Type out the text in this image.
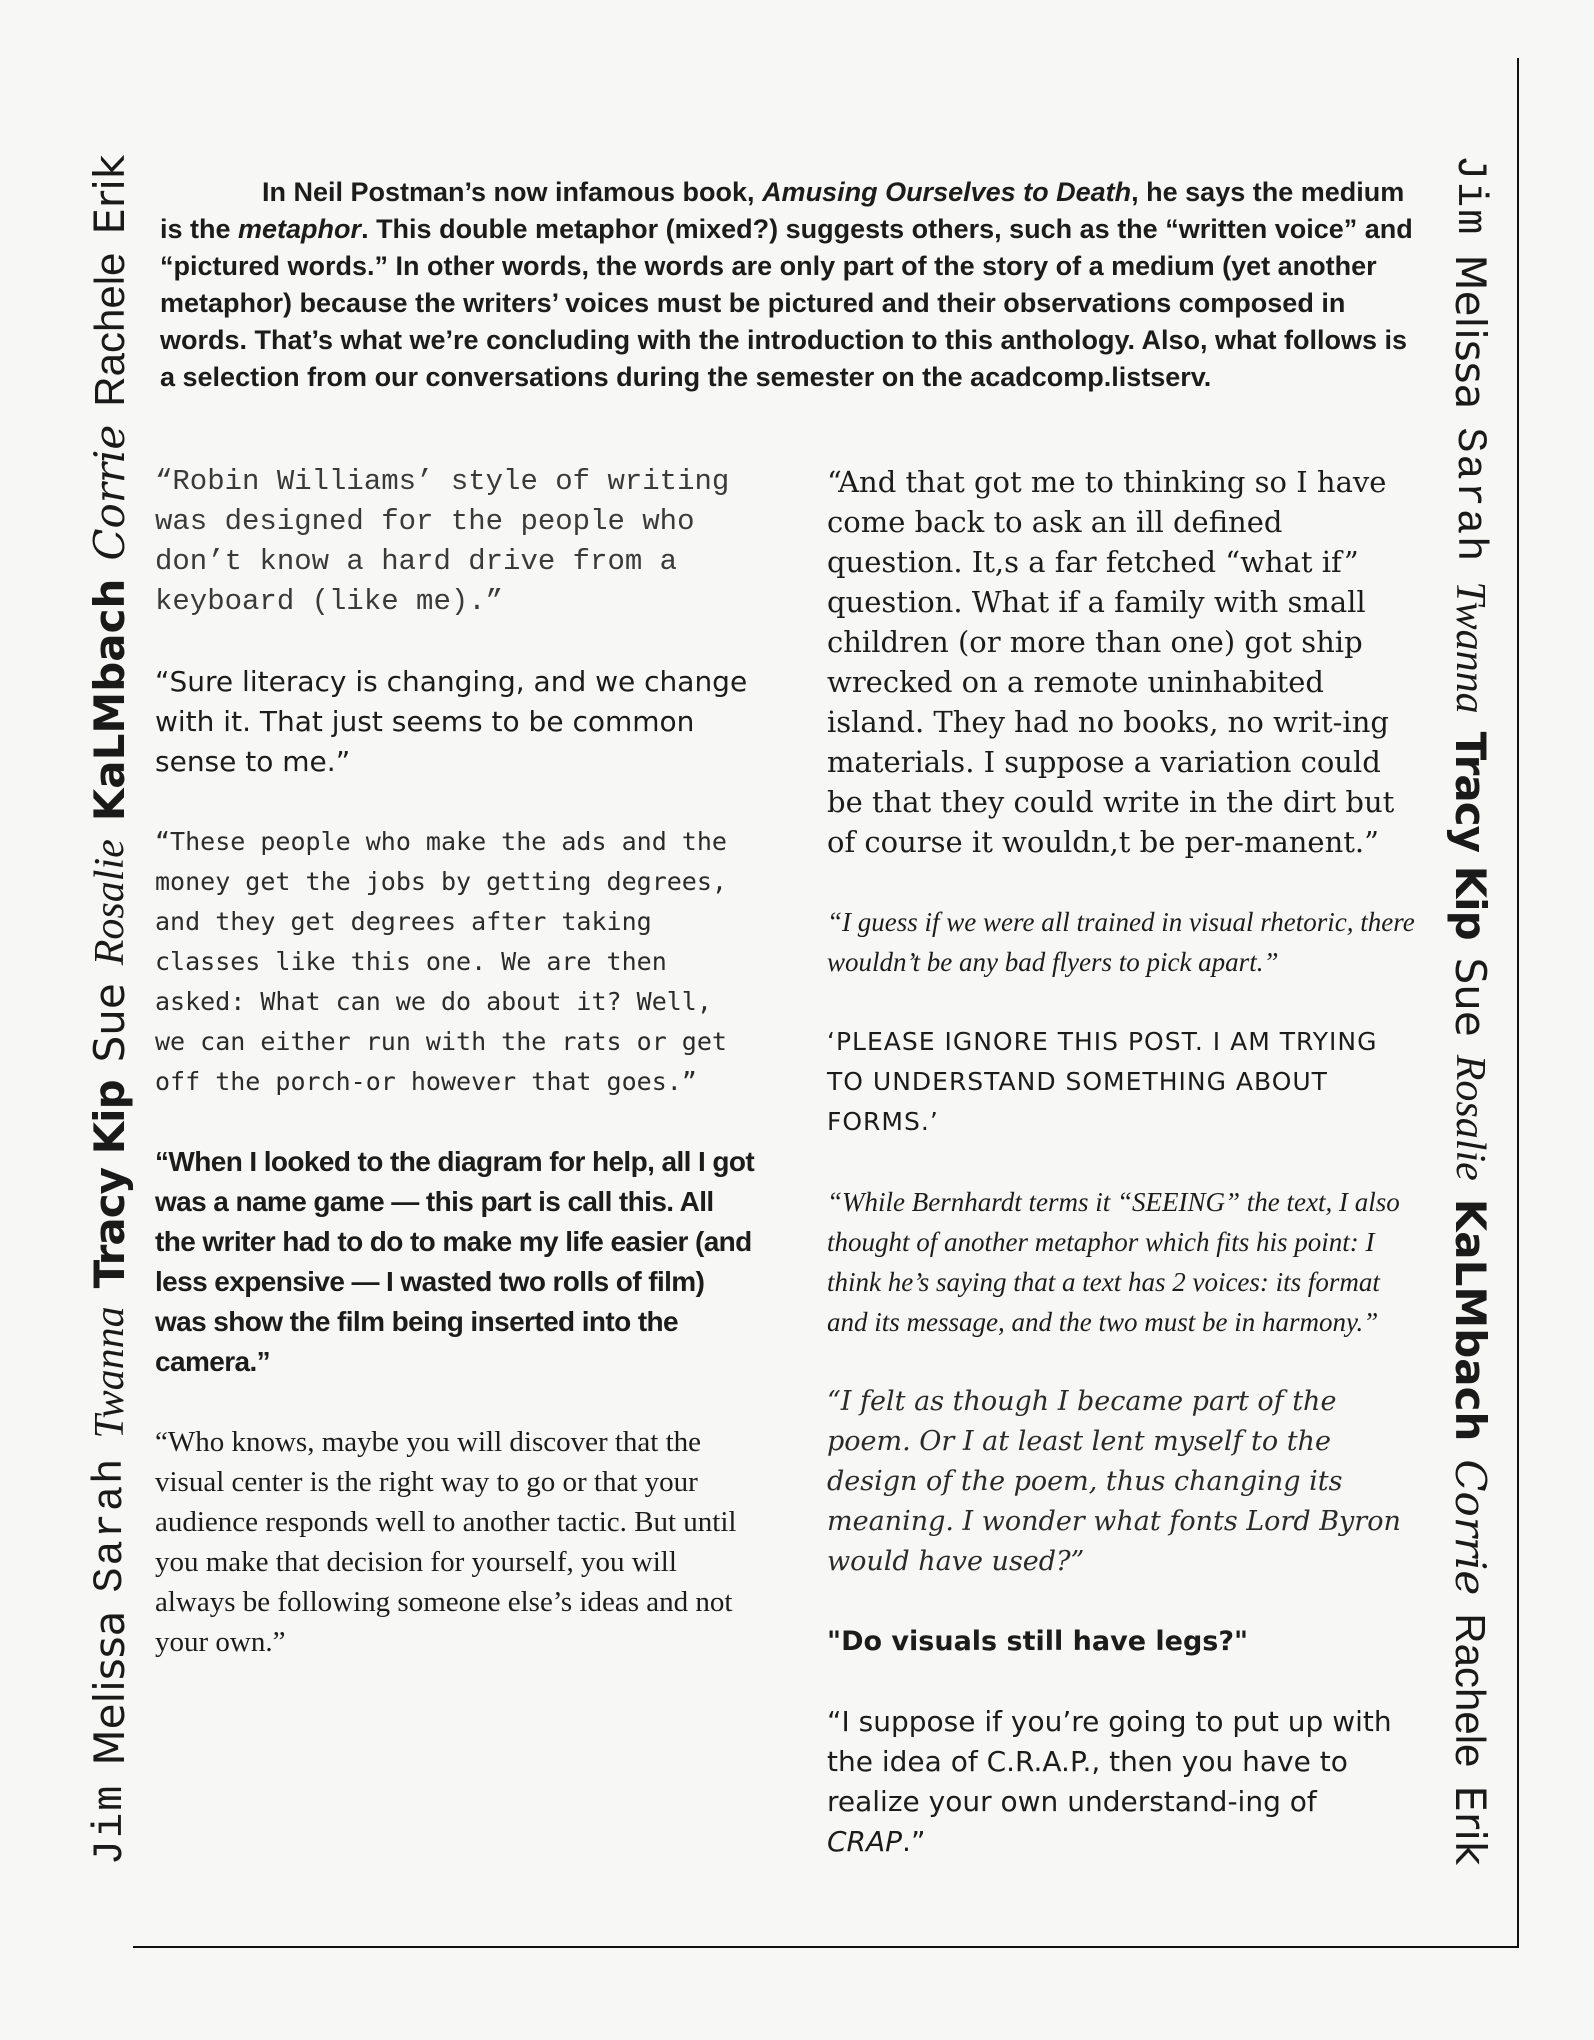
Jim
Melissa
Sarah
Twanna
Tracy Kip
Sue
Rosalie
KaLMbach
Corrie
Rachele
Erik	Jim
Melissa
Sarah
Twanna
Tracy Kip
Sue
Rosalie
KaLMbach
Corrie
Rachele
Erik

In Neil Postman’s now infamous book, Amusing Ourselves to Death, he says the medium is the metaphor. This double metaphor (mixed?) suggests others, such as the “written voice” and “pictured words.” In other words, the words are only part of the story of a medium (yet another metaphor) because the writers’ voices must be pictured and their observations composed in words. That’s what we’re concluding with the introduction to this anthology. Also, what follows is a selection from our conversations during the semester on the acadcomp.listserv.

“Robin Williams’ style of writing was designed for the people who don’t know a hard drive from a keyboard (like me).”

“Sure literacy is changing, and we change with it. That just seems to be common sense to me.”

“These people who make the ads and the money get the jobs by getting degrees, and they get degrees after taking classes like this one. We are then asked: What can we do about it? Well, we can either run with the rats or get off the porch-or however that goes.”

“When I looked to the diagram for help, all I got was a name game — this part is call this. All the writer had to do to make my life easier (and less expensive — I wasted two rolls of film) was show the film being inserted into the camera.”

“Who knows, maybe you will discover that the visual center is the right way to go or that your audience responds well to another tactic. But until you make that decision for yourself, you will always be following someone else’s ideas and not your own.”

“And that got me to thinking so I have come back to ask an ill defined question. It,s a far fetched “what if” question. What if a family with small children (or more than one) got ship wrecked on a remote uninhabited island. They had no books, no writ-ing materials. I suppose a variation could be that they could write in the dirt but of course it wouldn,t be per-manent.”

“I guess if we were all trained in visual rhetoric, there wouldn’t be any bad flyers to pick apart.”

‘PLEASE IGNORE THIS POST. I AM TRYING TO UNDERSTAND SOMETHING ABOUT FORMS.’

“While Bernhardt terms it “SEEING” the text, I also thought of another metaphor which fits his point: I think he’s saying that a text has 2 voices: its format and its message, and the two must be in harmony.”

“I felt as though I became part of the poem. Or I at least lent myself to the design of the poem, thus changing its meaning. I wonder what fonts Lord Byron would have used?”

"Do visuals still have legs?"

“I suppose if you’re going to put up with the idea of C.R.A.P., then you have to realize your own understand-ing of CRAP.”
